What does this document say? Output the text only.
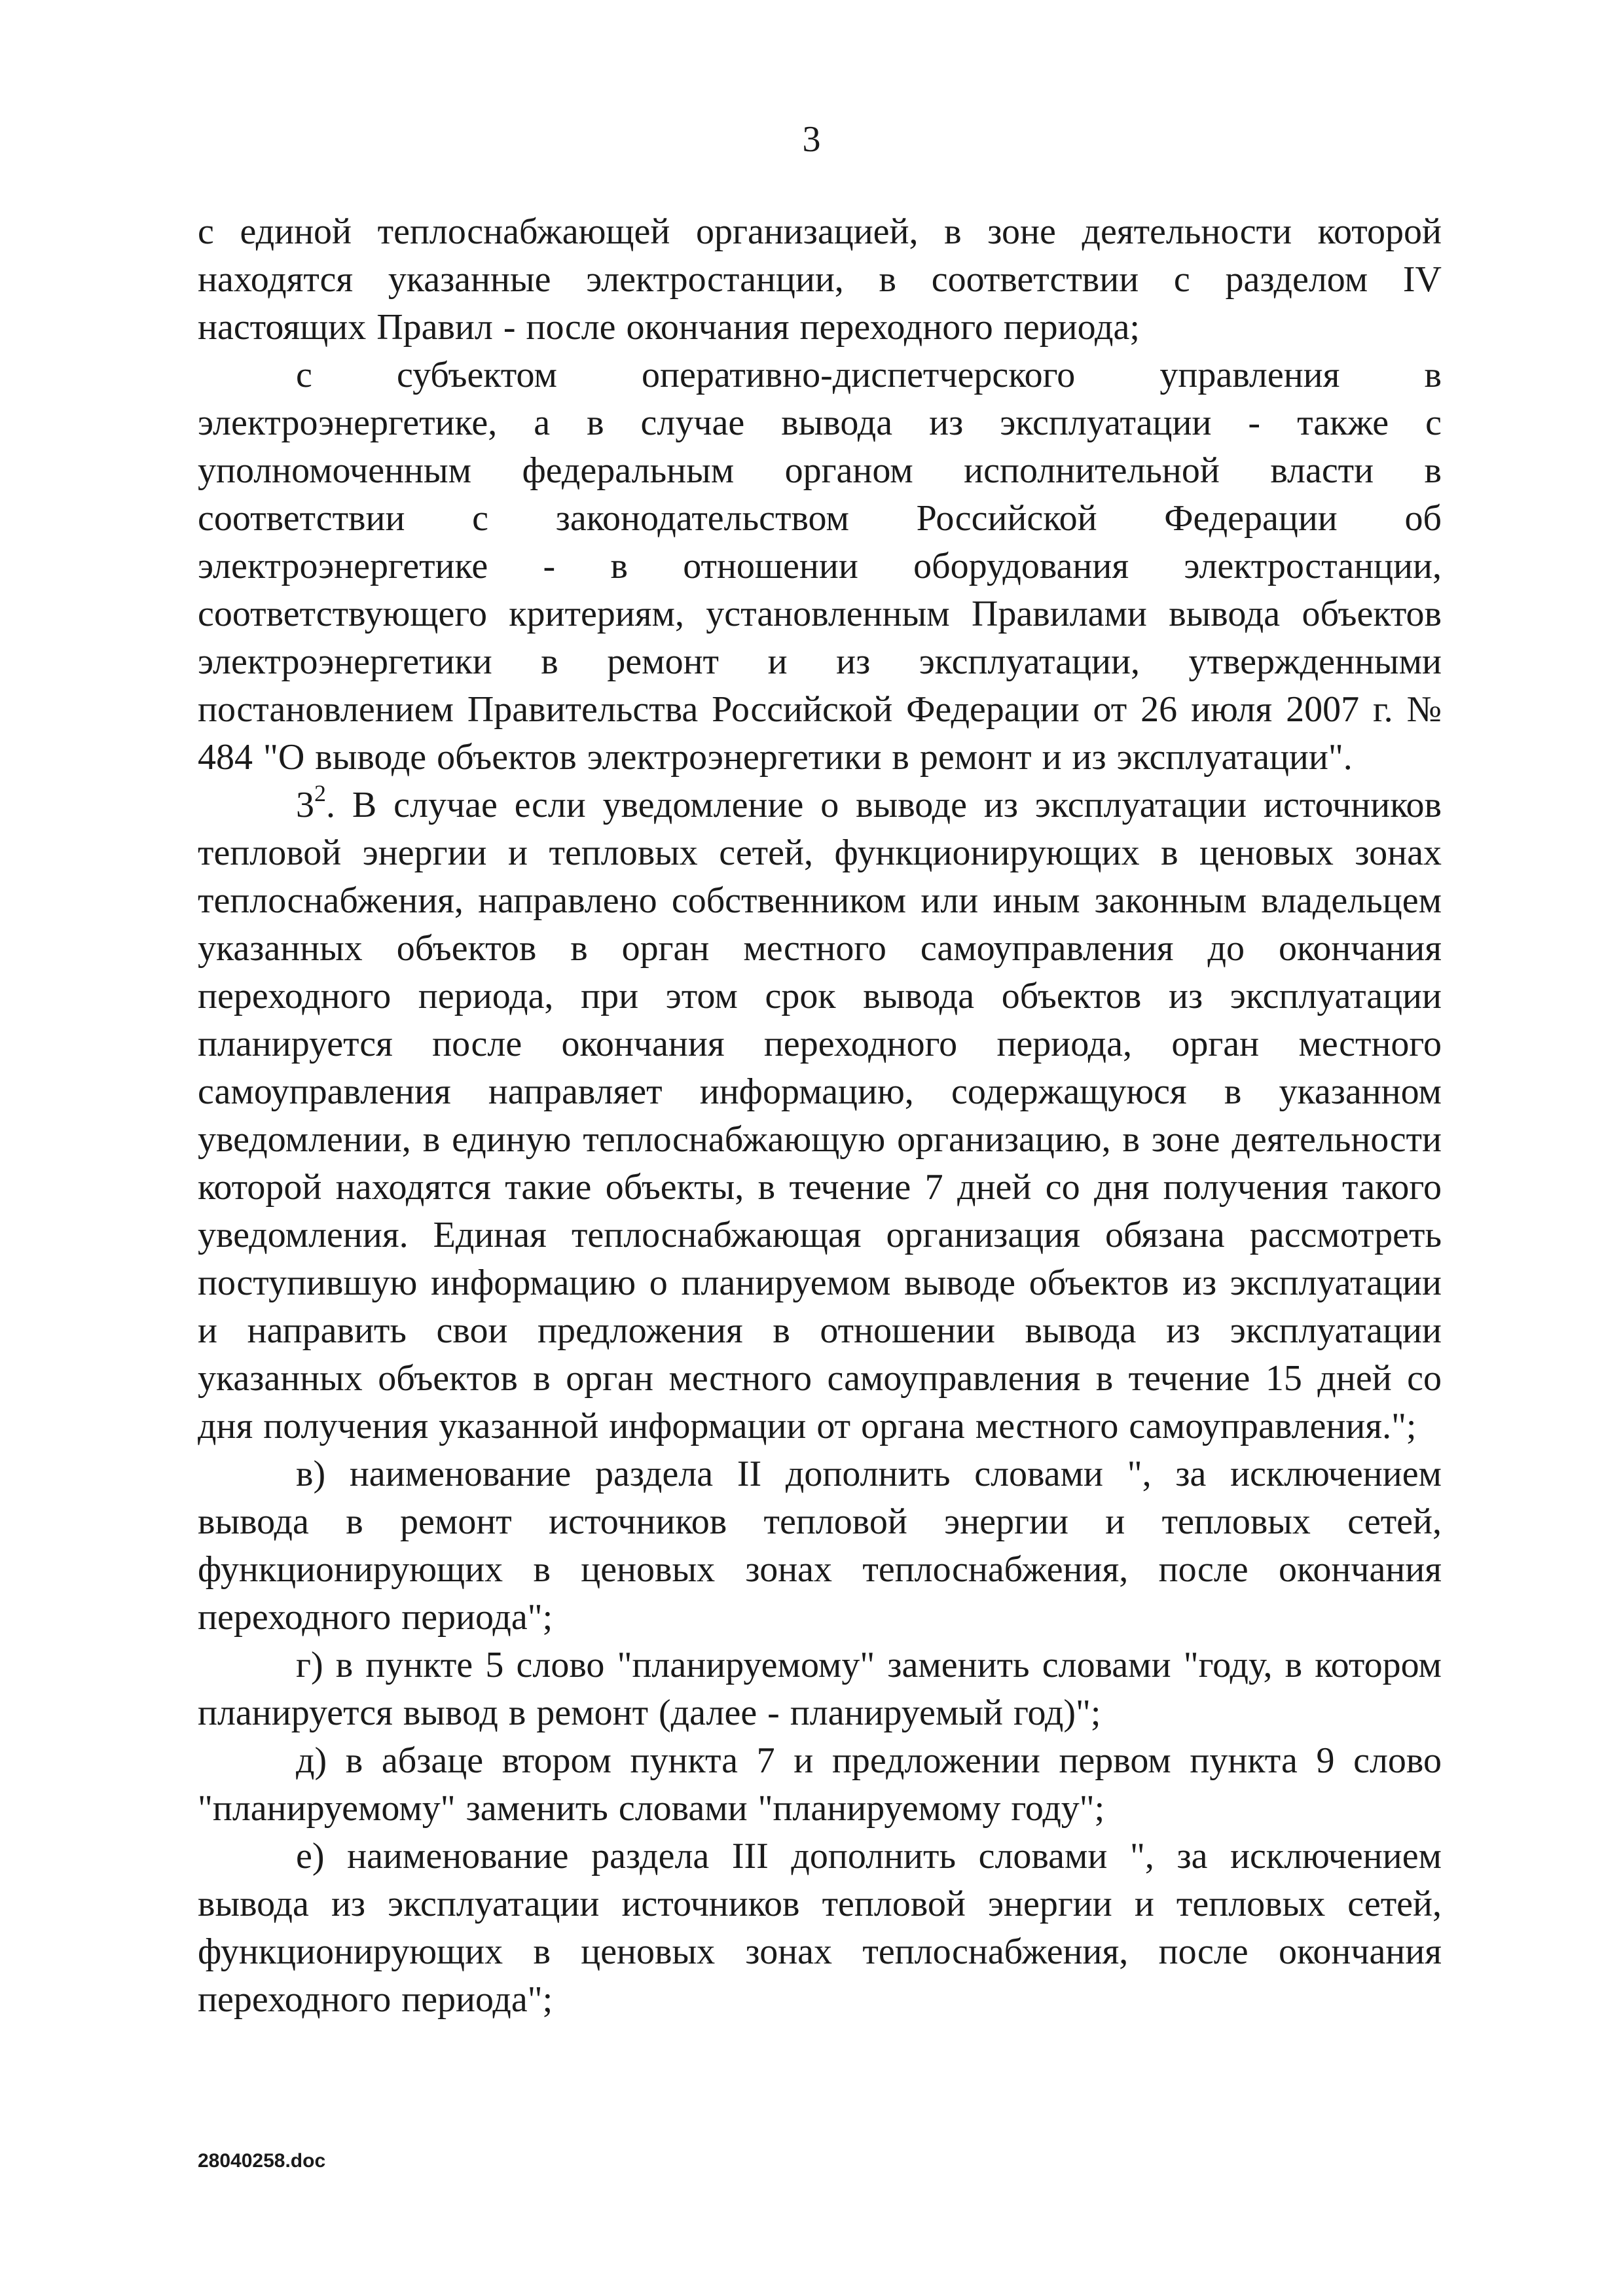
3

с единой теплоснабжающей организацией, в зоне деятельности которой находятся указанные электростанции, в соответствии с разделом IV настоящих Правил - после окончания переходного периода;

с субъектом оперативно-диспетчерского управления в электроэнергетике, а в случае вывода из эксплуатации - также с уполномоченным федеральным органом исполнительной власти в соответствии с законодательством Российской Федерации об электроэнергетике - в отношении оборудования электростанции, соответствующего критериям, установленным Правилами вывода объектов электроэнергетики в ремонт и из эксплуатации, утвержденными постановлением Правительства Российской Федерации от 26 июля 2007 г. № 484 "О выводе объектов электроэнергетики в ремонт и из эксплуатации".

$3^2$. В случае если уведомление о выводе из эксплуатации источников тепловой энергии и тепловых сетей, функционирующих в ценовых зонах теплоснабжения, направлено собственником или иным законным владельцем указанных объектов в орган местного самоуправления до окончания переходного периода, при этом срок вывода объектов из эксплуатации планируется после окончания переходного периода, орган местного самоуправления направляет информацию, содержащуюся в указанном уведомлении, в единую теплоснабжающую организацию, в зоне деятельности которой находятся такие объекты, в течение 7 дней со дня получения такого уведомления. Единая теплоснабжающая организация обязана рассмотреть поступившую информацию о планируемом выводе объектов из эксплуатации и направить свои предложения в отношении вывода из эксплуатации указанных объектов в орган местного самоуправления в течение 15 дней со дня получения указанной информации от органа местного самоуправления.";

в) наименование раздела II дополнить словами ", за исключением вывода в ремонт источников тепловой энергии и тепловых сетей, функционирующих в ценовых зонах теплоснабжения, после окончания переходного периода";

г) в пункте 5 слово "планируемому" заменить словами "году, в котором планируется вывод в ремонт (далее - планируемый год)";

д) в абзаце втором пункта 7 и предложении первом пункта 9 слово "планируемому" заменить словами "планируемому году";

е) наименование раздела III дополнить словами ", за исключением вывода из эксплуатации источников тепловой энергии и тепловых сетей, функционирующих в ценовых зонах теплоснабжения, после окончания переходного периода";

28040258.doc
